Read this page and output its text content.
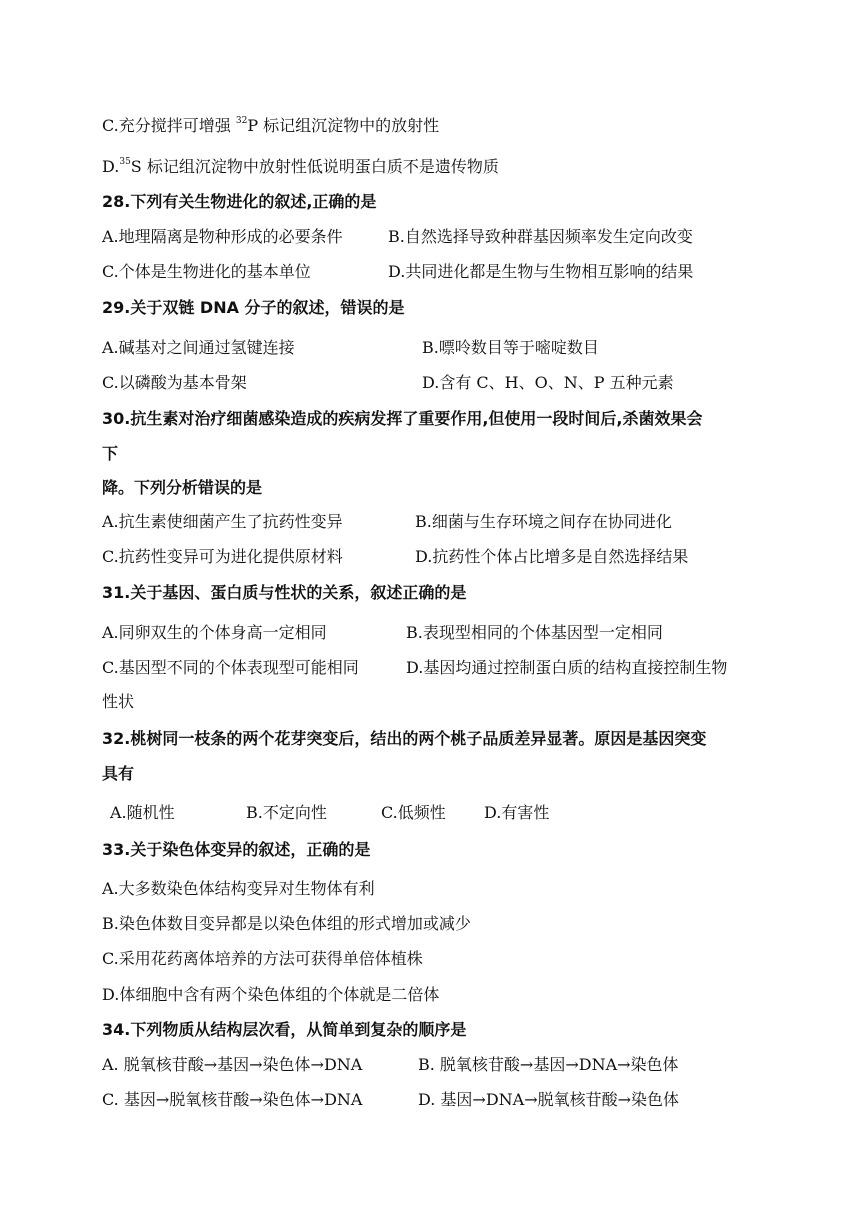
C.充分搅拌可增强 $^{32}$P 标记组沉淀物中的放射性
D.$^{35}$S 标记组沉淀物中放射性低说明蛋白质不是遗传物质
28.下列有关生物进化的叙述,正确的是
A.地理隔离是物种形成的必要条件	B.自然选择导致种群基因频率发生定向改变
C.个体是生物进化的基本单位	D.共同进化都是生物与生物相互影响的结果
29.关于双链 DNA 分子的叙述，错误的是
A.碱基对之间通过氢键连接	B.嘌呤数目等于嘧啶数目
C.以磷酸为基本骨架	D.含有 C、H、O、N、P 五种元素
30.抗生素对治疗细菌感染造成的疾病发挥了重要作用,但使用一段时间后,杀菌效果会
下
降。下列分析错误的是
A.抗生素使细菌产生了抗药性变异	B.细菌与生存环境之间存在协同进化
C.抗药性变异可为进化提供原材料	D.抗药性个体占比增多是自然选择结果
31.关于基因、蛋白质与性状的关系，叙述正确的是
A.同卵双生的个体身高一定相同	B.表现型相同的个体基因型一定相同
C.基因型不同的个体表现型可能相同	D.基因均通过控制蛋白质的结构直接控制生物
性状
32.桃树同一枝条的两个花芽突变后，结出的两个桃子品质差异显著。原因是基因突变
具有
A.随机性	B.不定向性	C.低频性 D.有害性
33.关于染色体变异的叙述，正确的是
A.大多数染色体结构变异对生物体有利
B.染色体数目变异都是以染色体组的形式增加或减少
C.采用花药离体培养的方法可获得单倍体植株
D.体细胞中含有两个染色体组的个体就是二倍体
34.下列物质从结构层次看，从简单到复杂的顺序是
A. 脱氧核苷酸→基因→染色体→DNA	B. 脱氧核苷酸→基因→DNA→染色体
C. 基因→脱氧核苷酸→染色体→DNA	D. 基因→DNA→脱氧核苷酸→染色体
